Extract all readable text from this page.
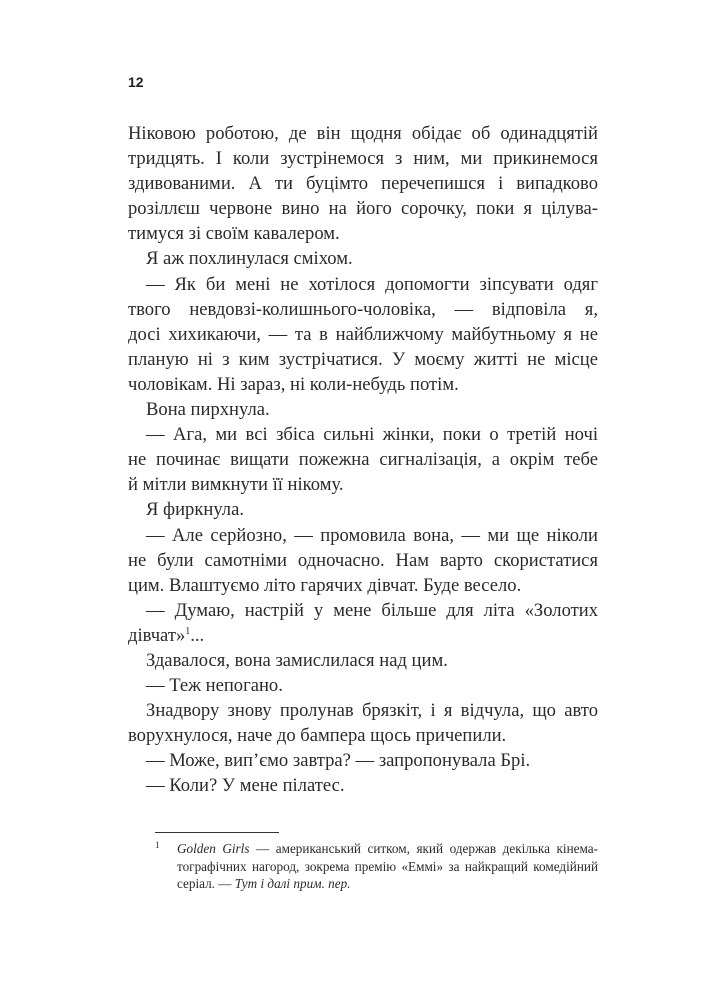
12
Ніковою роботою, де він щодня обідає об одинадцятій
тридцять. І коли зустрінемося з ним, ми прикинемося
здивованими. А ти буцімто перечепишся і випадково
розіллєш червоне вино на його сорочку, поки я цілува-
тимуся зі своїм кавалером.
Я аж похлинулася сміхом.
— Як би мені не хотілося допомогти зіпсувати одяг
твого невдовзі-колишнього-чоловіка, — відповіла я,
досі хихикаючи, — та в найближчому майбутньому я не
планую ні з ким зустрічатися. У моєму житті не місце
чоловікам. Ні зараз, ні коли-небудь потім.
Вона пирхнула.
— Ага, ми всі збіса сильні жінки, поки о третій ночі
не починає вищати пожежна сигналізація, а окрім тебе
й мітли вимкнути її нікому.
Я фиркнула.
— Але серйозно, — промовила вона, — ми ще ніколи
не були самотніми одночасно. Нам варто скористатися
цим. Влаштуємо літо гарячих дівчат. Буде весело.
— Думаю, настрій у мене більше для літа «Золотих
дівчат»$^1$...
Здавалося, вона замислилася над цим.
— Теж непогано.
Знадвору знову пролунав брязкіт, і я відчула, що авто
ворухнулося, наче до бампера щось причепили.
— Може, вип’ємо завтра? — запропонувала Брі.
— Коли? У мене пілатес.
1 Golden Girls — американський ситком, який одержав декілька кінема-
тографічних нагород, зокрема премію «Еммі» за найкращий комедійний
серіал. — Тут і далі прим. пер.
